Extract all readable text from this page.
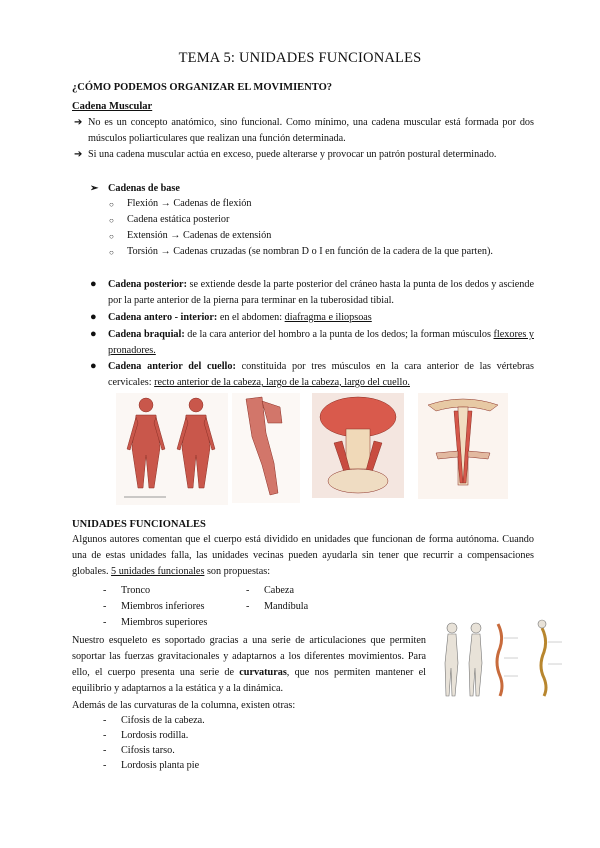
TEMA 5: UNIDADES FUNCIONALES
¿CÓMO PODEMOS ORGANIZAR EL MOVIMIENTO?
Cadena Muscular
➔ No es un concepto anatómico, sino funcional. Como mínimo, una cadena muscular está formada por dos músculos poliarticulares que realizan una función determinada.
➔ Si una cadena muscular actúa en exceso, puede alterarse y provocar un patrón postural determinado.
➢ Cadenas de base
○ Flexión → Cadenas de flexión
○ Cadena estática posterior
○ Extensión → Cadenas de extensión
○ Torsión → Cadenas cruzadas (se nombran D o I en función de la cadera de la que parten).
● Cadena posterior: se extiende desde la parte posterior del cráneo hasta la punta de los dedos y asciende por la parte anterior de la pierna para terminar en la tuberosidad tibial.
● Cadena antero - interior: en el abdomen: diafragma e iliopsoas
● Cadena braquial: de la cara anterior del hombro a la punta de los dedos; la forman músculos flexores y pronadores.
● Cadena anterior del cuello: constituida por tres músculos en la cara anterior de las vértebras cervicales: recto anterior de la cabeza, largo de la cabeza, largo del cuello.
UNIDADES FUNCIONALES
Algunos autores comentan que el cuerpo está dividido en unidades que funcionan de forma autónoma. Cuando una de estas unidades falla, las unidades vecinas pueden ayudarla sin tener que recurrir a compensaciones globales. 5 unidades funcionales son propuestas:
- Tronco
- Miembros inferiores
- Miembros superiores
- Cabeza
- Mandíbula
Nuestro esqueleto es soportado gracias a una serie de articulaciones que permiten soportar las fuerzas gravitacionales y adaptarnos a los diferentes movimientos. Para ello, el cuerpo presenta una serie de curvaturas, que nos permiten mantener el equilibrio y adaptarnos a la estática y a la dinámica.
Además de las curvaturas de la columna, existen otras:
- Cifosis de la cabeza.
- Lordosis rodilla.
- Cifosis tarso.
- Lordosis planta pie
